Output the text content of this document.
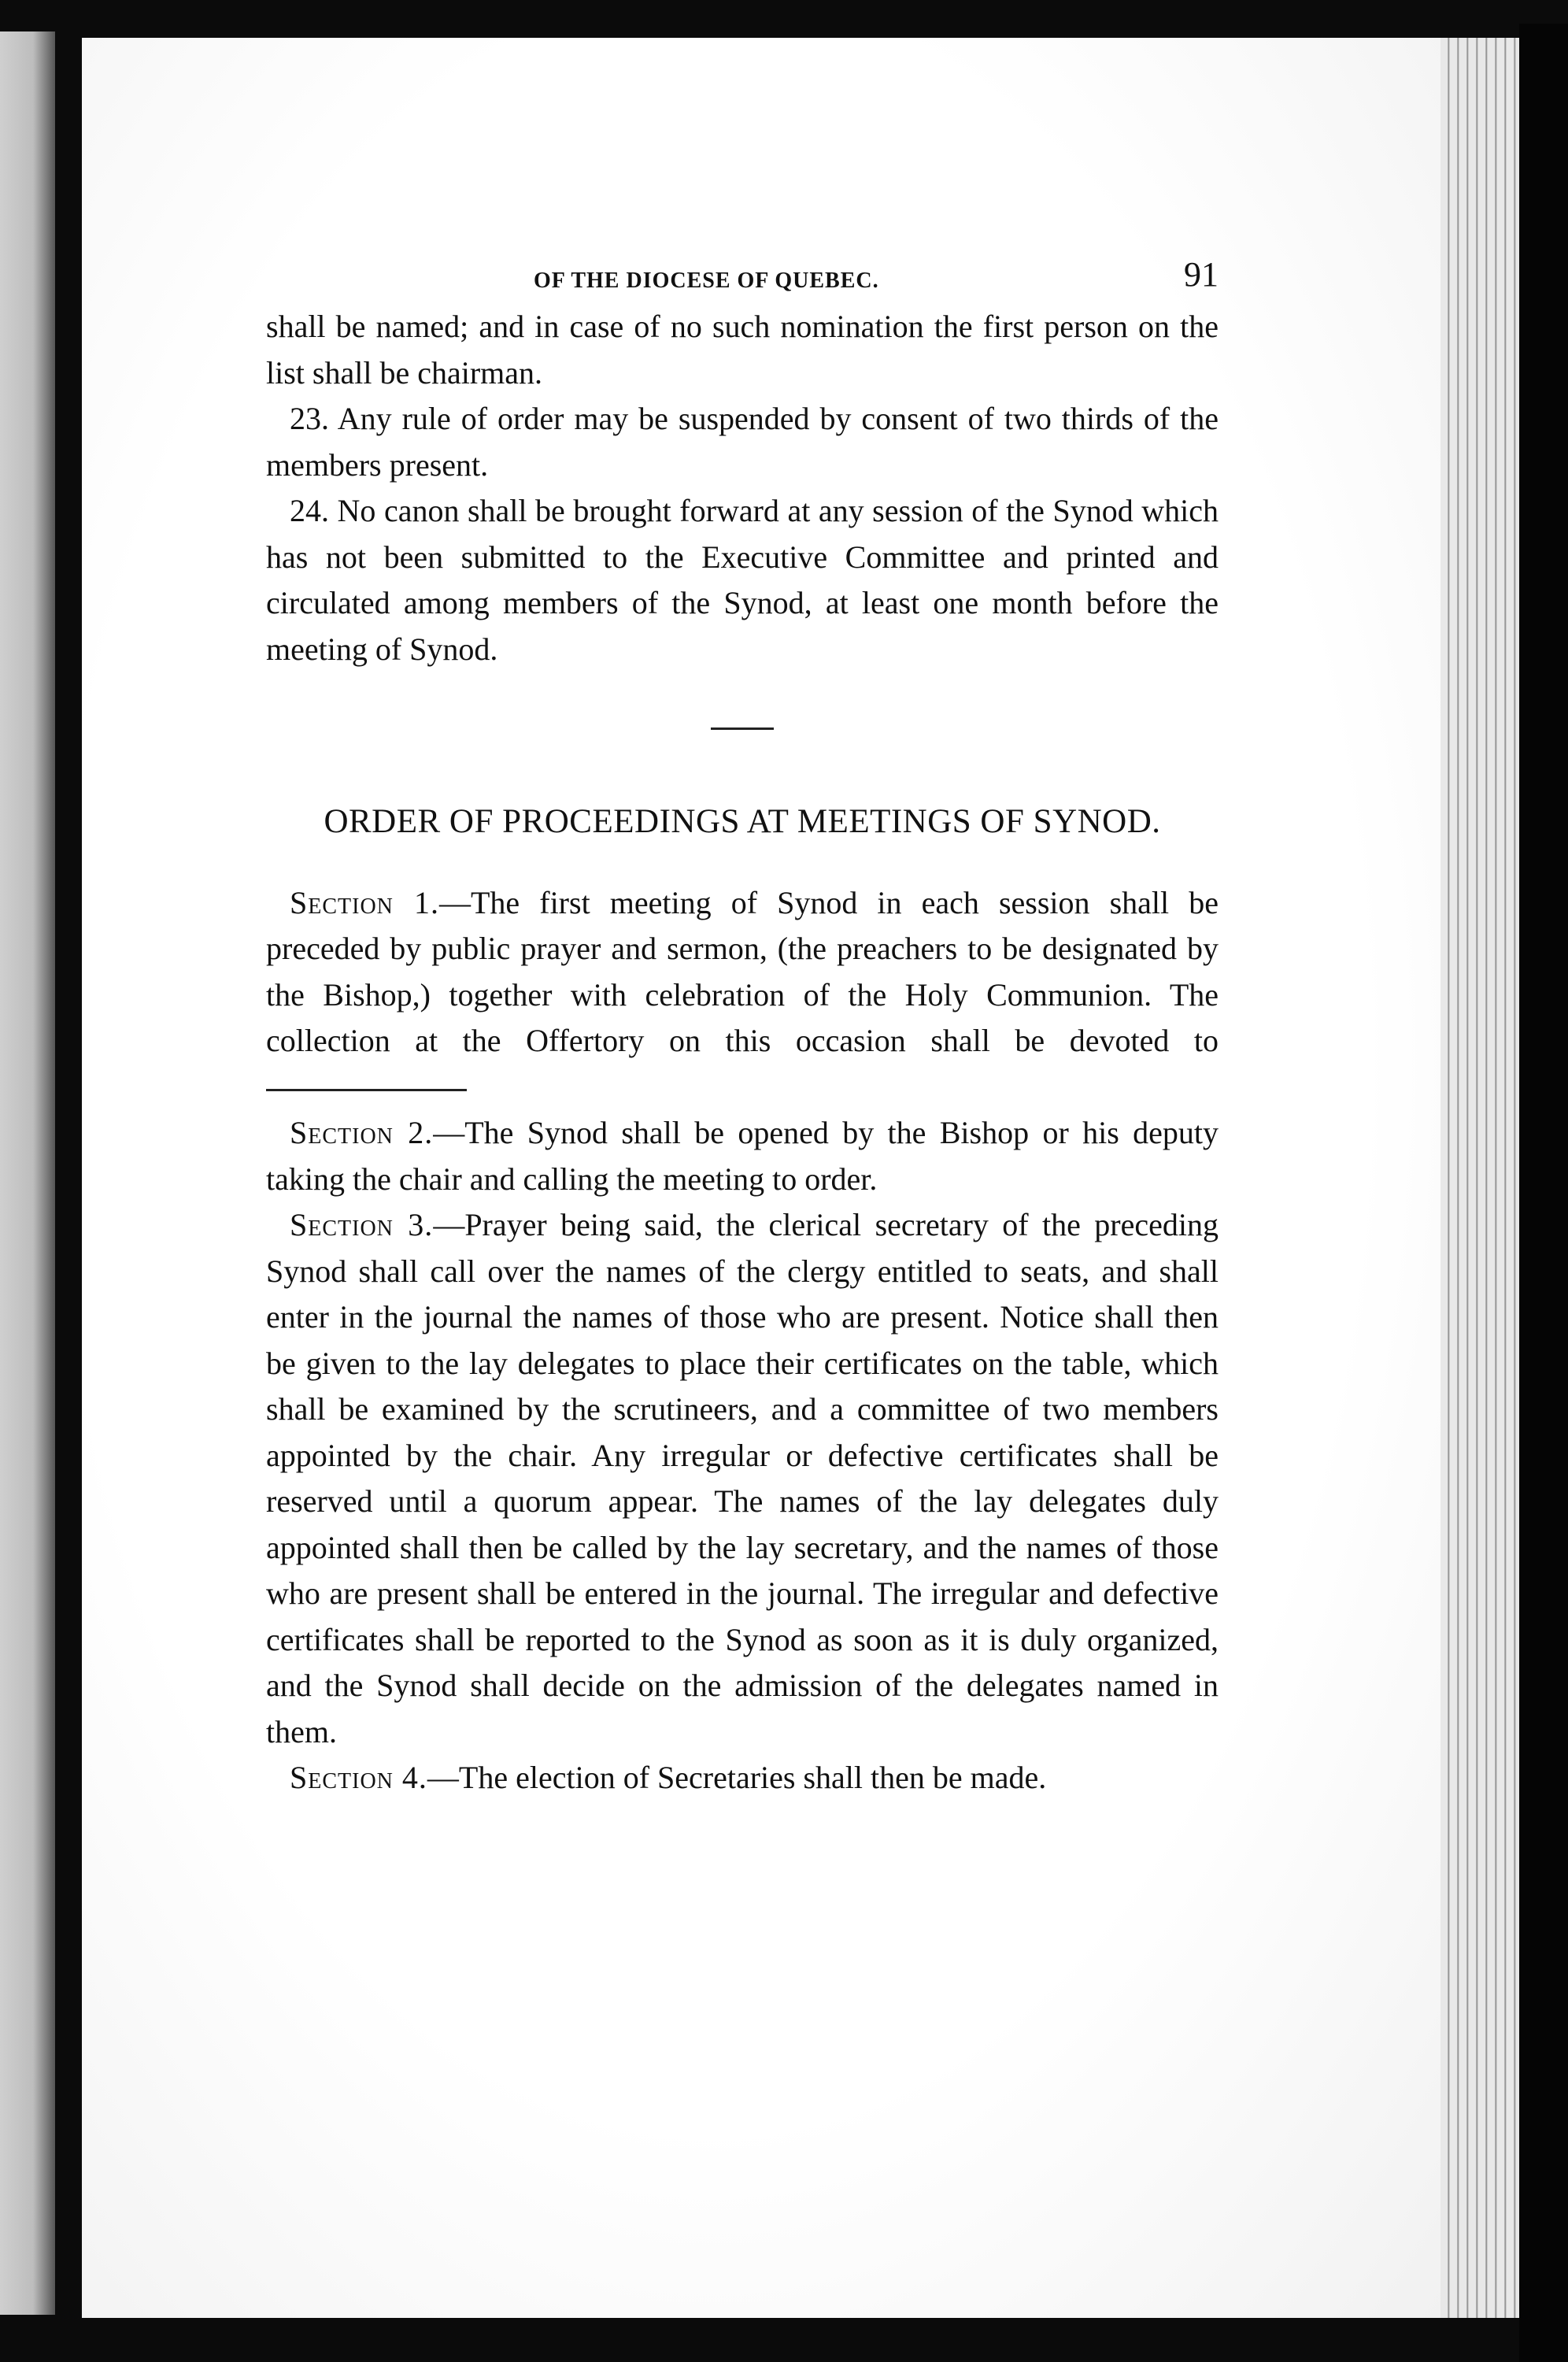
OF THE DIOCESE OF QUEBEC.	91

shall be named; and in case of no such nomination the first person on the list shall be chairman.

23. Any rule of order may be suspended by consent of two thirds of the members present.

24. No canon shall be brought forward at any session of the Synod which has not been submitted to the Executive Committee and printed and circulated among members of the Synod, at least one month before the meeting of Synod.

ORDER OF PROCEEDINGS AT MEETINGS OF SYNOD.

Section 1.—The first meeting of Synod in each session shall be preceded by public prayer and sermon, (the preachers to be designated by the Bishop,) together with celebration of the Holy Communion. The collection at the Offertory on this occasion shall be devoted to

Section 2.—The Synod shall be opened by the Bishop or his deputy taking the chair and calling the meeting to order.

Section 3.—Prayer being said, the clerical secretary of the preceding Synod shall call over the names of the clergy entitled to seats, and shall enter in the journal the names of those who are present. Notice shall then be given to the lay delegates to place their certificates on the table, which shall be examined by the scrutineers, and a committee of two members appointed by the chair. Any irregular or defective certificates shall be reserved until a quorum appear. The names of the lay delegates duly appointed shall then be called by the lay secretary, and the names of those who are present shall be entered in the journal. The irregular and defective certificates shall be reported to the Synod as soon as it is duly organized, and the Synod shall decide on the admission of the delegates named in them.

Section 4.—The election of Secretaries shall then be made.
